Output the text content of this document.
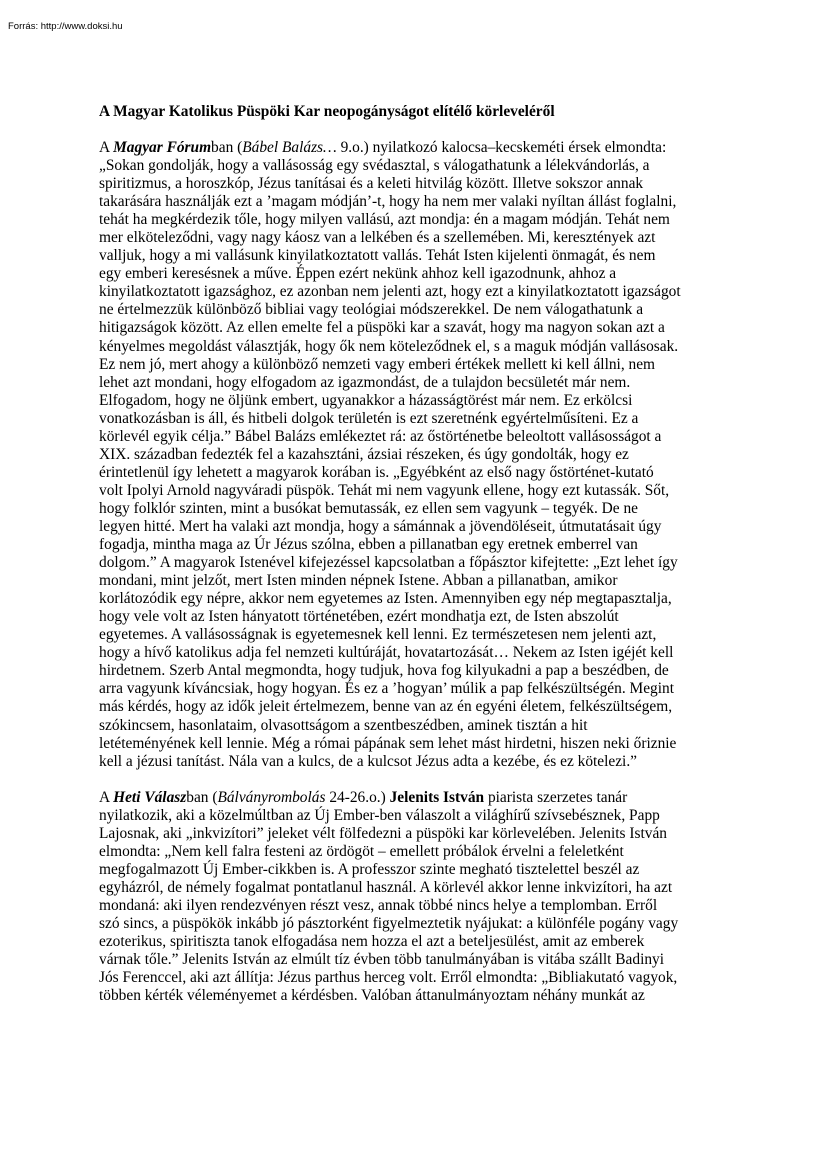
Forrás: http://www.doksi.hu

A Magyar Katolikus Püspöki Kar neopogányságot elítélő körleveléről
A Magyar Fórumban (Bábel Balázs… 9.o.) nyilatkozó kalocsa–kecskeméti érsek elmondta:
„Sokan gondolják, hogy a vallásosság egy svédasztal, s válogathatunk a lélekvándorlás, a
spiritizmus, a horoszkóp, Jézus tanításai és a keleti hitvilág között. Illetve sokszor annak
takarására használják ezt a ’magam módján’-t, hogy ha nem mer valaki nyíltan állást foglalni,
tehát ha megkérdezik tőle, hogy milyen vallású, azt mondja: én a magam módján. Tehát nem
mer elköteleződni, vagy nagy káosz van a lelkében és a szellemében. Mi, keresztények azt
valljuk, hogy a mi vallásunk kinyilatkoztatott vallás. Tehát Isten kijelenti önmagát, és nem
egy emberi keresésnek a műve. Éppen ezért nekünk ahhoz kell igazodnunk, ahhoz a
kinyilatkoztatott igazsághoz, ez azonban nem jelenti azt, hogy ezt a kinyilatkoztatott igazságot
ne értelmezzük különböző bibliai vagy teológiai módszerekkel. De nem válogathatunk a
hitigazságok között. Az ellen emelte fel a püspöki kar a szavát, hogy ma nagyon sokan azt a
kényelmes megoldást választják, hogy ők nem köteleződnek el, s a maguk módján vallásosak.
Ez nem jó, mert ahogy a különböző nemzeti vagy emberi értékek mellett ki kell állni, nem
lehet azt mondani, hogy elfogadom az igazmondást, de a tulajdon becsületét már nem.
Elfogadom, hogy ne öljünk embert, ugyanakkor a házasságtörést már nem. Ez erkölcsi
vonatkozásban is áll, és hitbeli dolgok területén is ezt szeretnénk egyértelműsíteni. Ez a
körlevél egyik célja.” Bábel Balázs emlékeztet rá: az őstörténetbe beleoltott vallásosságot a
XIX. században fedezték fel a kazahsztáni, ázsiai részeken, és úgy gondolták, hogy ez
érintetlenül így lehetett a magyarok korában is. „Egyébként az első nagy őstörténet-kutató
volt Ipolyi Arnold nagyváradi püspök. Tehát mi nem vagyunk ellene, hogy ezt kutassák. Sőt,
hogy folklór szinten, mint a busókat bemutassák, ez ellen sem vagyunk – tegyék. De ne
legyen hitté. Mert ha valaki azt mondja, hogy a sámánnak a jövendöléseit, útmutatásait úgy
fogadja, mintha maga az Úr Jézus szólna, ebben a pillanatban egy eretnek emberrel van
dolgom.” A magyarok Istenével kifejezéssel kapcsolatban a főpásztor kifejtette: „Ezt lehet így
mondani, mint jelzőt, mert Isten minden népnek Istene. Abban a pillanatban, amikor
korlátozódik egy népre, akkor nem egyetemes az Isten. Amennyiben egy nép megtapasztalja,
hogy vele volt az Isten hányatott történetében, ezért mondhatja ezt, de Isten abszolút
egyetemes. A vallásosságnak is egyetemesnek kell lenni. Ez természetesen nem jelenti azt,
hogy a hívő katolikus adja fel nemzeti kultúráját, hovatartozását… Nekem az Isten igéjét kell
hirdetnem. Szerb Antal megmondta, hogy tudjuk, hova fog kilyukadni a pap a beszédben, de
arra vagyunk kíváncsiak, hogy hogyan. És ez a ’hogyan’ múlik a pap felkészültségén. Megint
más kérdés, hogy az idők jeleit értelmezem, benne van az én egyéni életem, felkészültségem,
szókincsem, hasonlataim, olvasottságom a szentbeszédben, aminek tisztán a hit
letéteményének kell lennie. Még a római pápának sem lehet mást hirdetni, hiszen neki őriznie
kell a jézusi tanítást. Nála van a kulcs, de a kulcsot Jézus adta a kezébe, és ez kötelezi.”
A Heti Válaszban (Bálványrombolás 24-26.o.) Jelenits István piarista szerzetes tanár
nyilatkozik, aki a közelmúltban az Új Ember-ben válaszolt a világhírű szívsebésznek, Papp
Lajosnak, aki „inkvizítori” jeleket vélt fölfedezni a püspöki kar körlevelében. Jelenits István
elmondta: „Nem kell falra festeni az ördögöt – emellett próbálok érvelni a feleletként
megfogalmazott Új Ember-cikkben is. A professzor szinte megható tisztelettel beszél az
egyházról, de némely fogalmat pontatlanul használ. A körlevél akkor lenne inkvizítori, ha azt
mondaná: aki ilyen rendezvényen részt vesz, annak többé nincs helye a templomban. Erről
szó sincs, a püspökök inkább jó pásztorként figyelmeztetik nyájukat: a különféle pogány vagy
ezoterikus, spiritiszta tanok elfogadása nem hozza el azt a beteljesülést, amit az emberek
várnak tőle.” Jelenits István az elmúlt tíz évben több tanulmányában is vitába szállt Badinyi
Jós Ferenccel, aki azt állítja: Jézus parthus herceg volt. Erről elmondta: „Bibliakutató vagyok,
többen kérték véleményemet a kérdésben. Valóban áttanulmányoztam néhány munkát az
